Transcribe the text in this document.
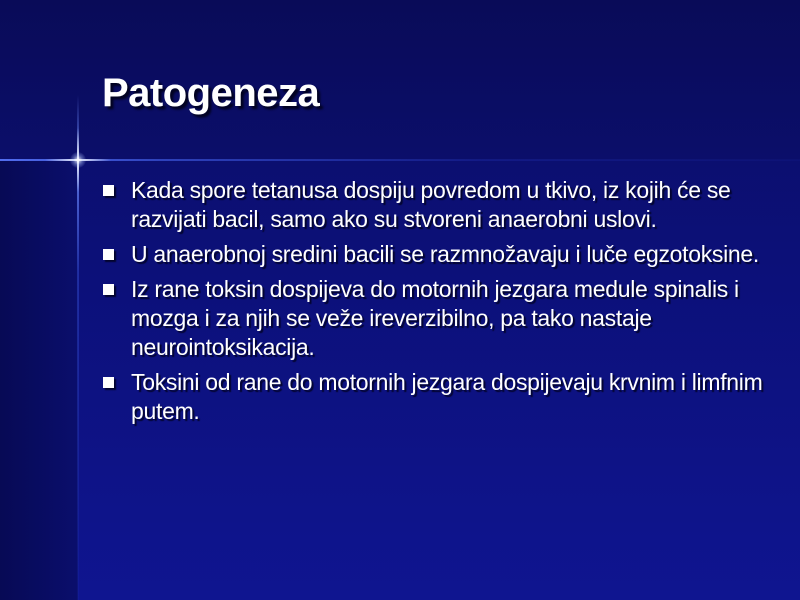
Patogeneza
Kada spore tetanusa dospiju povredom u tkivo, iz kojih će se razvijati bacil, samo ako su stvoreni anaerobni uslovi.
U anaerobnoj sredini bacili se razmnožavaju i luče egzotoksine.
Iz rane toksin dospijeva do motornih jezgara medule spinalis i mozga i za njih se veže ireverzibilno, pa tako nastaje neurointoksikacija.
Toksini od rane do motornih jezgara dospijevaju krvnim i limfnim putem.
